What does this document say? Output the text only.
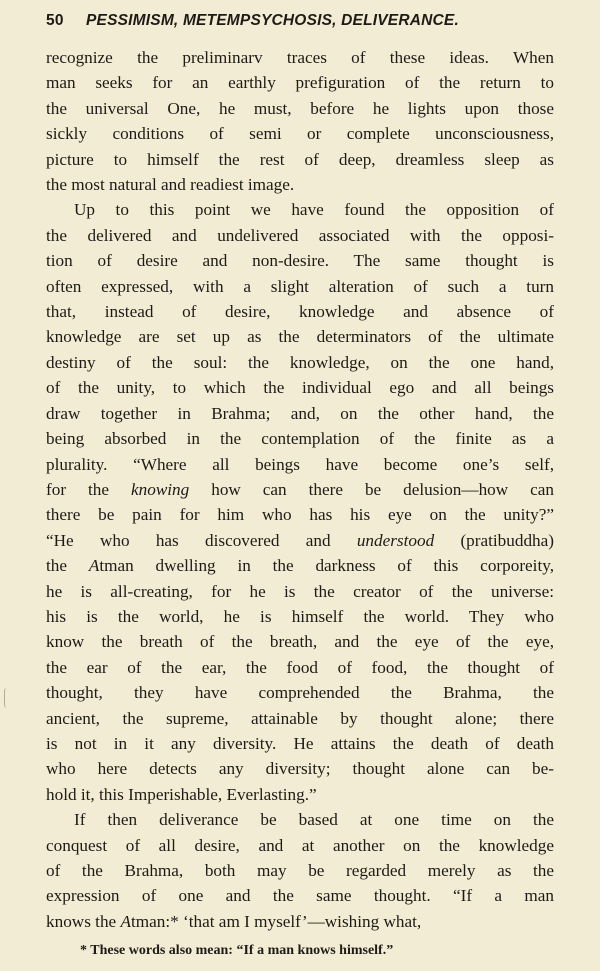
50 PESSIMISM, METEMPSYCHOSIS, DELIVERANCE.
recognize the preliminarv traces of these ideas. When
man seeks for an earthly prefiguration of the return to
the universal One, he must, before he lights upon those
sickly conditions of semi or complete unconsciousness,
picture to himself the rest of deep, dreamless sleep as
the most natural and readiest image.
Up to this point we have found the opposition of
the delivered and undelivered associated with the opposi-
tion of desire and non-desire. The same thought is
often expressed, with a slight alteration of such a turn
that, instead of desire, knowledge and absence of
knowledge are set up as the determinators of the ultimate
destiny of the soul: the knowledge, on the one hand,
of the unity, to which the individual ego and all beings
draw together in Brahma; and, on the other hand, the
being absorbed in the contemplation of the finite as a
plurality. “Where all beings have become one’s self,
for the knowing how can there be delusion—how can
there be pain for him who has his eye on the unity?”
“He who has discovered and understood (pratibuddha)
the Atman dwelling in the darkness of this corporeity,
he is all-creating, for he is the creator of the universe:
his is the world, he is himself the world. They who
know the breath of the breath, and the eye of the eye,
the ear of the ear, the food of food, the thought of
thought, they have comprehended the Brahma, the
ancient, the supreme, attainable by thought alone; there
is not in it any diversity. He attains the death of death
who here detects any diversity; thought alone can be-
hold it, this Imperishable, Everlasting.”
If then deliverance be based at one time on the
conquest of all desire, and at another on the knowledge
of the Brahma, both may be regarded merely as the
expression of one and the same thought. “If a man
knows the Atman:* ‘that am I myself’—wishing what,
* These words also mean: “If a man knows himself.”
